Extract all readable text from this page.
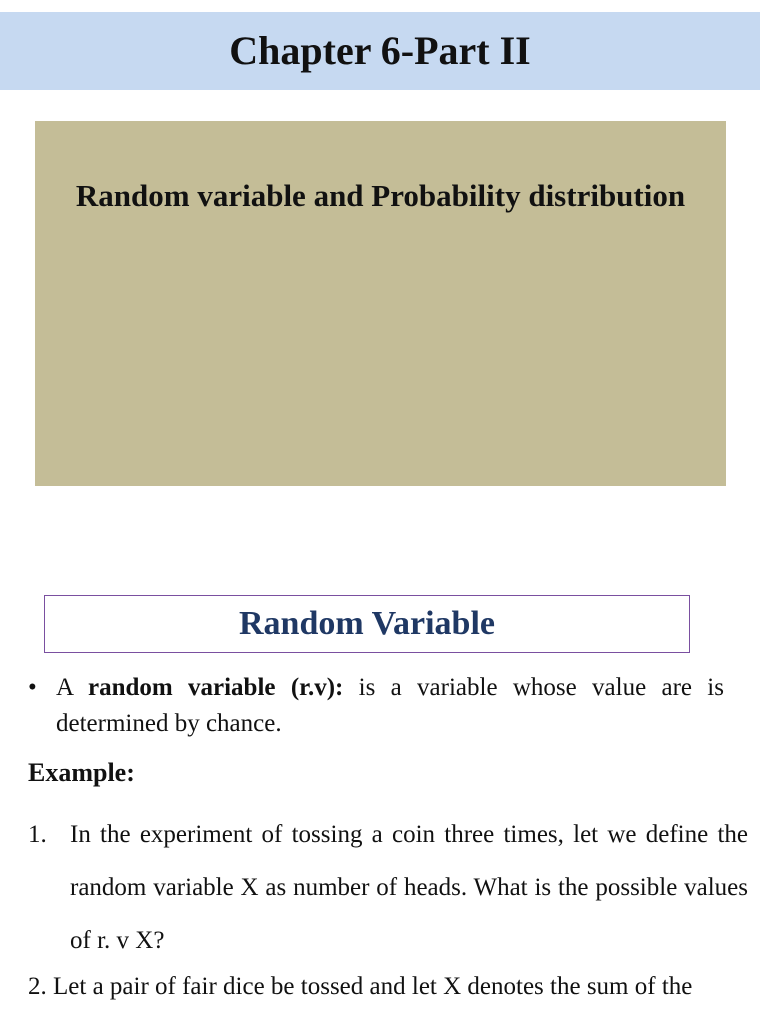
Chapter 6-Part II
Random variable and Probability distribution
Random Variable
• A random variable (r.v): is a variable whose value are is determined by chance.
Example:
1. In the experiment of tossing a coin three times, let we define the random variable X as number of heads. What is the possible values of r. v X?
2. Let a pair of fair dice be tossed and let X denotes the sum of the
